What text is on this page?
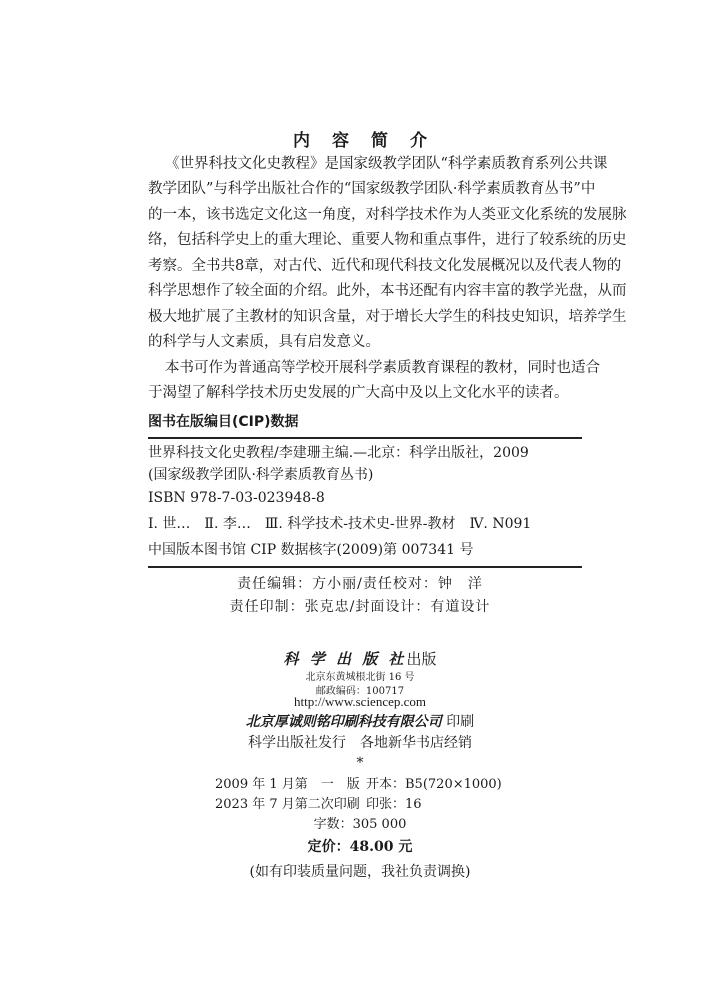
内容简介
《世界科技文化史教程》是国家级教学团队“科学素质教育系列公共课
教学团队”与科学出版社合作的“国家级教学团队·科学素质教育丛书”中
的一本，该书选定文化这一角度，对科学技术作为人类亚文化系统的发展脉
络，包括科学史上的重大理论、重要人物和重点事件，进行了较系统的历史
考察。全书共8章，对古代、近代和现代科技文化发展概况以及代表人物的
科学思想作了较全面的介绍。此外，本书还配有内容丰富的教学光盘，从而
极大地扩展了主教材的知识含量，对于增长大学生的科技史知识，培养学生
的科学与人文素质，具有启发意义。
本书可作为普通高等学校开展科学素质教育课程的教材，同时也适合
于渴望了解科学技术历史发展的广大高中及以上文化水平的读者。
图书在版编目(CIP)数据
世界科技文化史教程/李建珊主编.—北京：科学出版社，2009
(国家级教学团队·科学素质教育丛书)
ISBN 978-7-03-023948-8
Ⅰ. 世…　Ⅱ. 李…　Ⅲ. 科学技术-技术史-世界-教材　Ⅳ. N091
中国版本图书馆 CIP 数据核字(2009)第 007341 号
责任编辑：方小丽/责任校对：钟　洋
责任印制：张克忠/封面设计：有道设计
科 学 出 版 社出版
北京东黄城根北街 16 号
邮政编码：100717
http://www.sciencep.com
北京厚诚则铭印刷科技有限公司 印刷
科学出版社发行　各地新华书店经销
*
2009 年 1 月第　一　版 开本：B5(720×1000)
2023 年 7 月第二次印刷 印张：16
字数：305 000
定价：48.00 元
(如有印装质量问题，我社负责调换)
